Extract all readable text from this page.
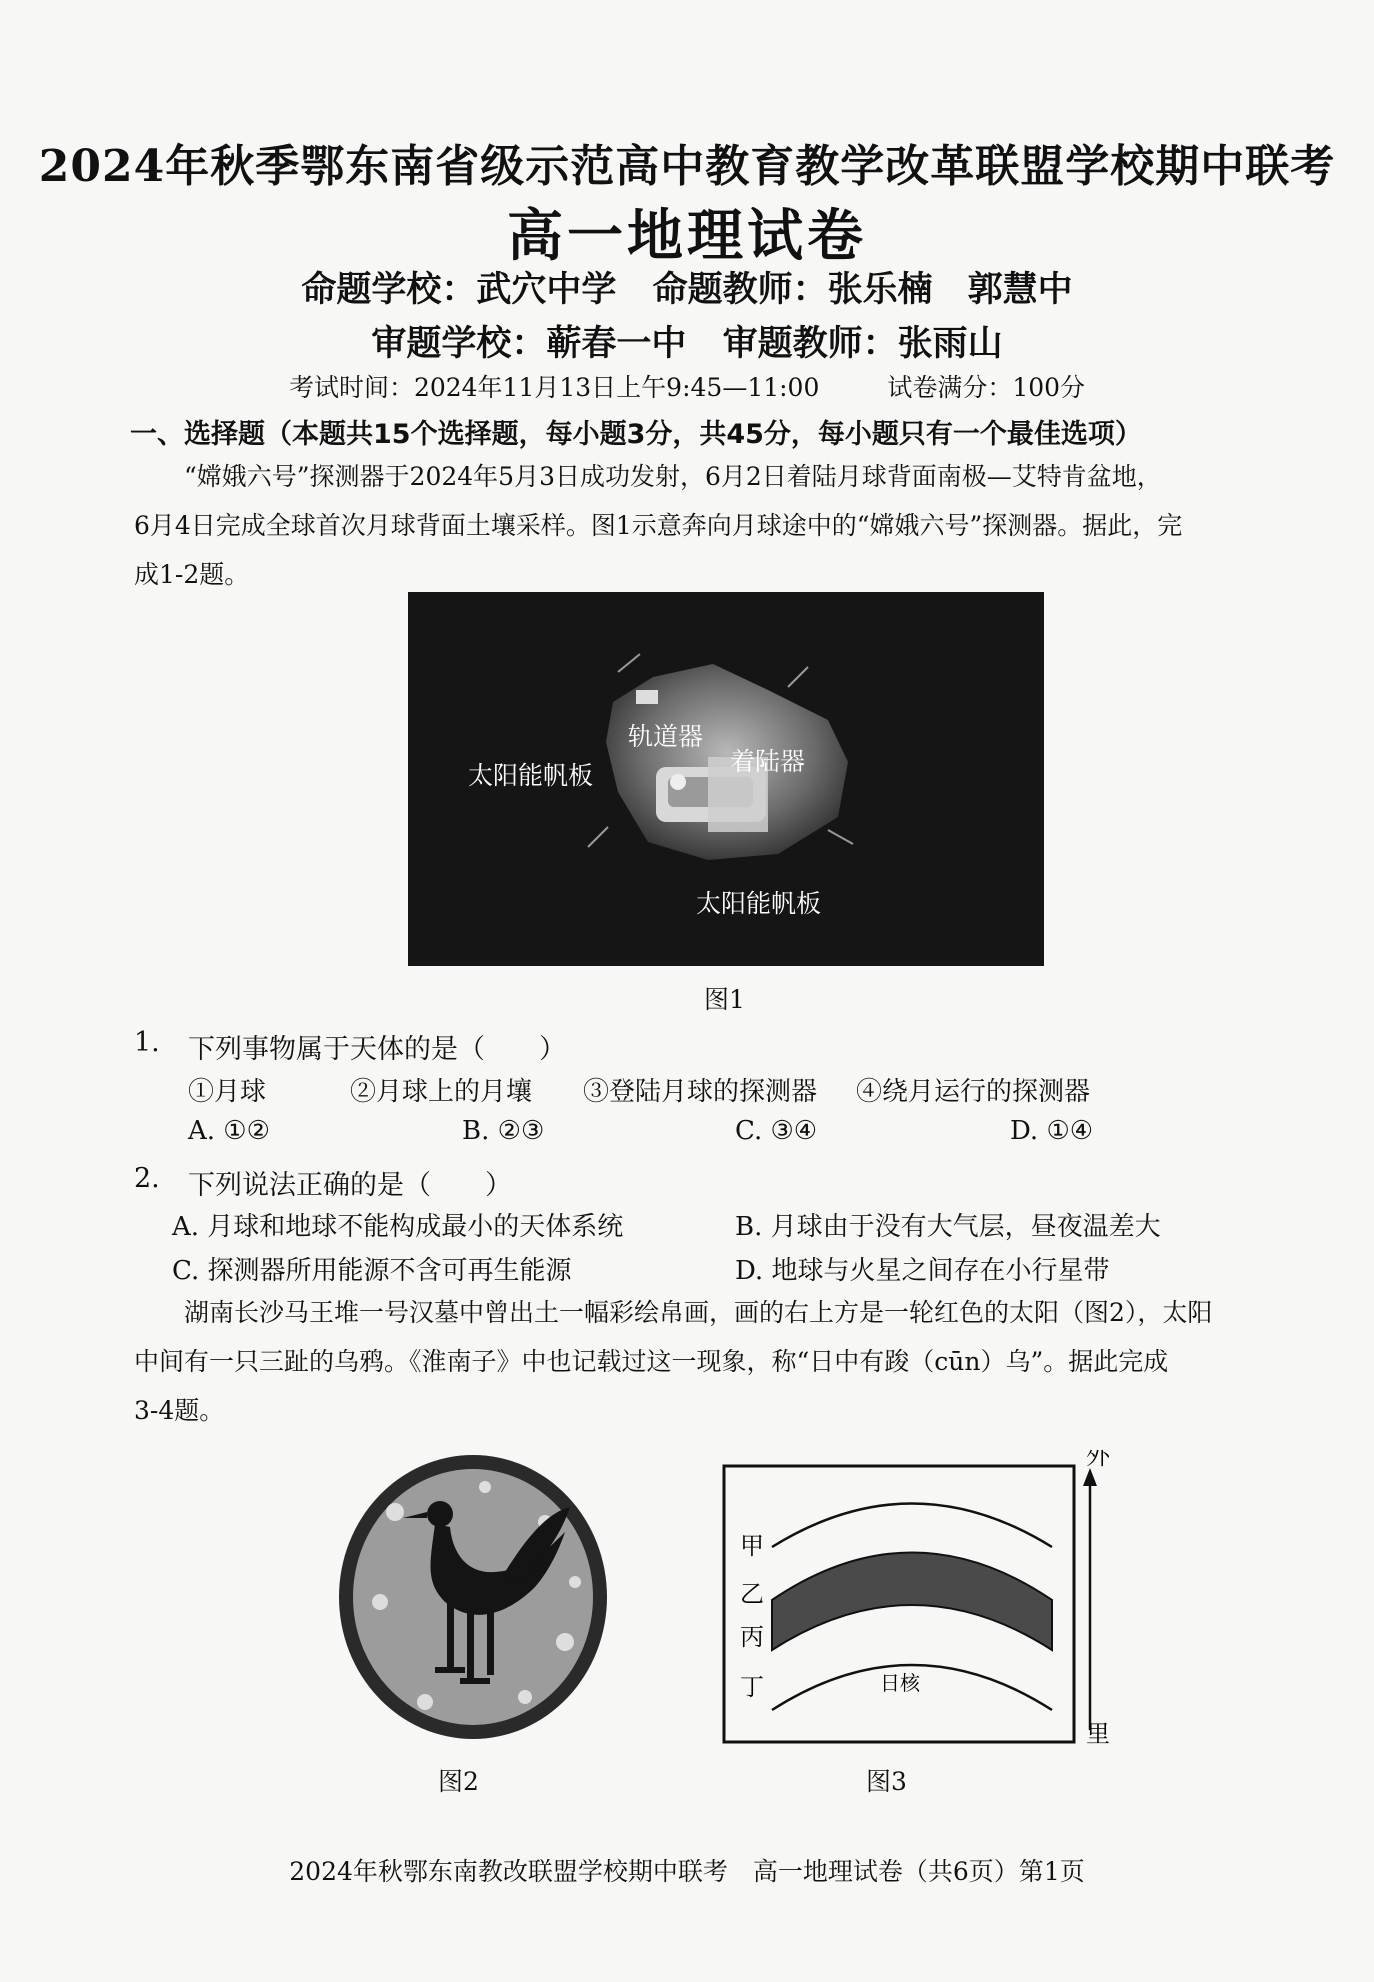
2024年秋季鄂东南省级示范高中教育教学改革联盟学校期中联考
高一地理试卷
命题学校：武穴中学 命题教师：张乐楠　郭慧中
审题学校：蕲春一中 审题教师：张雨山
考试时间：2024年11月13日上午9:45—11:00	试卷满分：100分
一、选择题（本题共15个选择题，每小题3分，共45分，每小题只有一个最佳选项）
“嫦娥六号”探测器于2024年5月3日成功发射，6月2日着陆月球背面南极—艾特肯盆地，
6月4日完成全球首次月球背面土壤采样。图1示意奔向月球途中的“嫦娥六号”探测器。据此，完
成1-2题。
轨道器
着陆器
太阳能帆板
太阳能帆板
图1
1. 下列事物属于天体的是（　　）
①月球	②月球上的月壤 ③登陆月球的探测器 ④绕月运行的探测器
A. ①②	B. ②③	C. ③④	D. ①④
2. 下列说法正确的是（　　）
A. 月球和地球不能构成最小的天体系统	B. 月球由于没有大气层，昼夜温差大
C. 探测器所用能源不含可再生能源	D. 地球与火星之间存在小行星带
湖南长沙马王堆一号汉墓中曾出土一幅彩绘帛画，画的右上方是一轮红色的太阳（图2），太阳
中间有一只三趾的乌鸦。《淮南子》中也记载过这一现象，称“日中有踆（cūn）乌”。据此完成
3-4题。
图2
外
里
甲
乙
丙
丁	日核
图3
2024年秋鄂东南教改联盟学校期中联考　高一地理试卷（共6页）第1页
